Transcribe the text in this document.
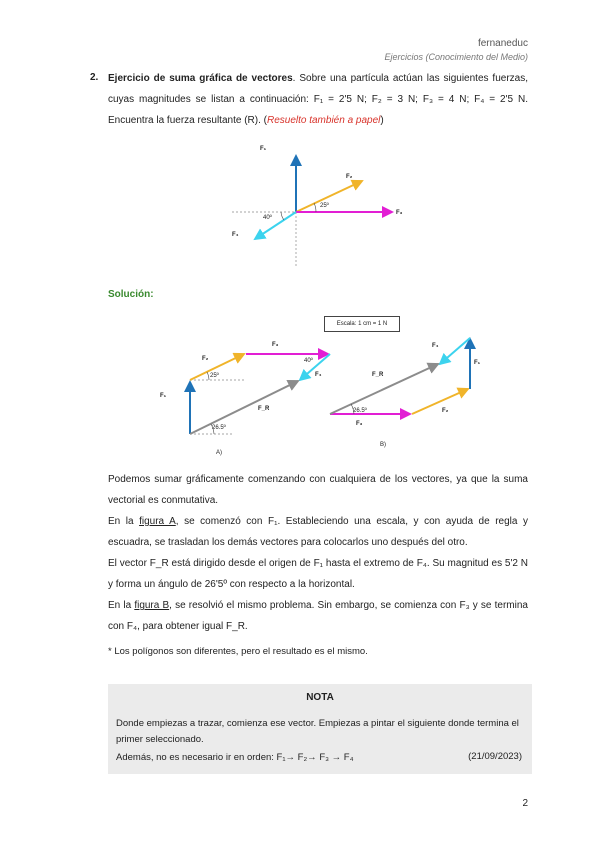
fernaneduc
Ejercicios (Conocimiento del Medio)
2. Ejercicio de suma gráfica de vectores. Sobre una partícula actúan las siguientes fuerzas, cuyas magnitudes se listan a continuación: F₁ = 2'5 N; F₂ = 3 N; F₃ = 4 N; F₄ = 2'5 N. Encuentra la fuerza resultante (R). (Resuelto también a papel)
F₁
F₂
F₃
F₄
25º
40º
Solución:
Escala: 1 cm = 1 N
F₁
F₂
F₃
F₄
F_R
25º
40º
26.5º
A)
F₁
F₂
F₃
F₄
F_R
26.5º
B)
Podemos sumar gráficamente comenzando con cualquiera de los vectores, ya que la suma vectorial es conmutativa.
En la figura A, se comenzó con F₁. Estableciendo una escala, y con ayuda de regla y escuadra, se trasladan los demás vectores para colocarlos uno después del otro.
El vector F_R está dirigido desde el origen de F₁ hasta el extremo de F₄. Su magnitud es 5'2 N y forma un ángulo de 26'5º con respecto a la horizontal.
En la figura B, se resolvió el mismo problema. Sin embargo, se comienza con F₃ y se termina con F₄, para obtener igual F_R.
* Los polígonos son diferentes, pero el resultado es el mismo.
NOTA
Donde empiezas a trazar, comienza ese vector. Empiezas a pintar el siguiente donde termina el primer seleccionado.
Además, no es necesario ir en orden: F₁→ F₂→ F₃ → F₄	(21/09/2023)
2
